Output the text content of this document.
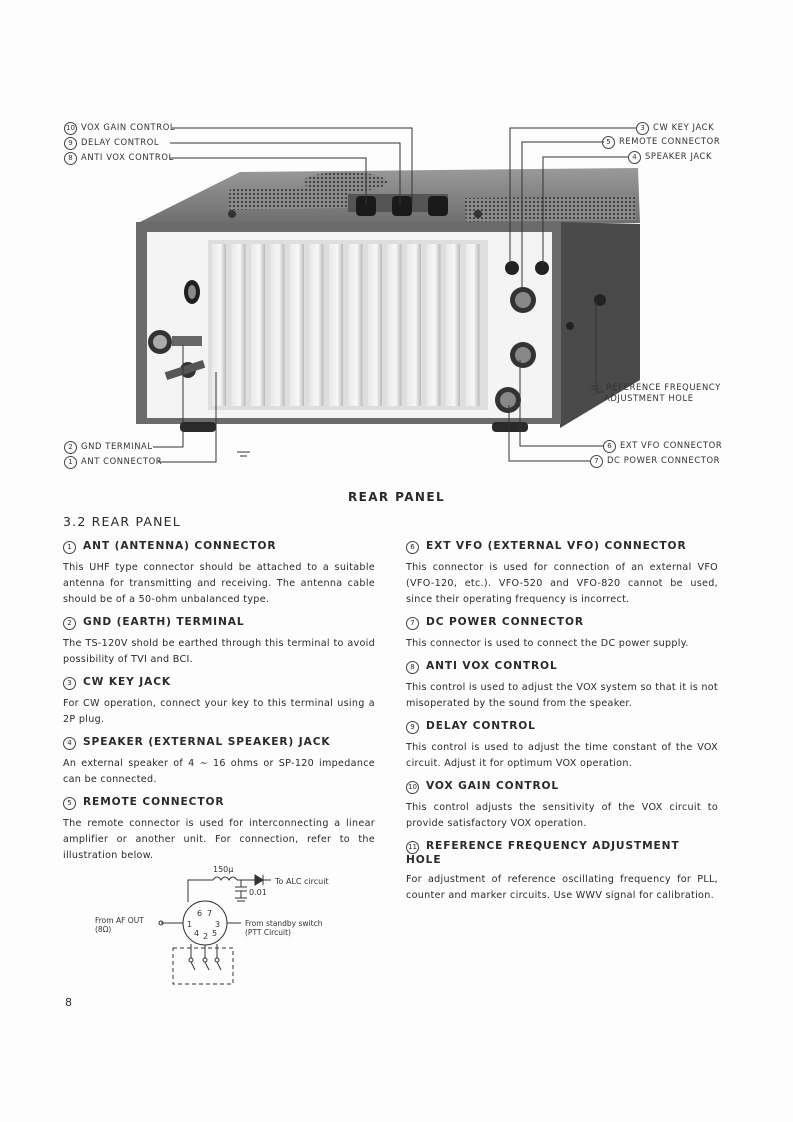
10 VOX GAIN CONTROL
9 DELAY CONTROL
8 ANTI VOX CONTROL
3 CW KEY JACK
5 REMOTE CONNECTOR
4 SPEAKER JACK
11 REFERENCE FREQUENCY
ADJUSTMENT HOLE
2 GND TERMINAL
1 ANT CONNECTOR
6 EXT VFO CONNECTOR
7 DC POWER CONNECTOR
REAR PANEL
3.2 REAR PANEL
1 ANT (ANTENNA) CONNECTOR

This UHF type connector should be attached to a suitable antenna for transmitting and receiving. The antenna cable should be of a 50-ohm unbalanced type.

2 GND (EARTH) TERMINAL

The TS-120V shold be earthed through this terminal to avoid possibility of TVI and BCI.

3 CW KEY JACK

For CW operation, connect your key to this terminal using a 2P plug.

4 SPEAKER (EXTERNAL SPEAKER) JACK

An external speaker of 4 ∼ 16 ohms or SP-120 impedance can be connected.

5 REMOTE CONNECTOR

The remote connector is used for interconnecting a linear amplifier or another unit. For connection, refer to the illustration below.

6 EXT VFO (EXTERNAL VFO) CONNECTOR

This connector is used for connection of an external VFO (VFO-120, etc.). VFO-520 and VFO-820 cannot be used, since their operating frequency is incorrect.

7 DC POWER CONNECTOR

This connector is used to connect the DC power supply.

8 ANTI VOX CONTROL

This control is used to adjust the VOX system so that it is not misoperated by the sound from the speaker.

9 DELAY CONTROL

This control is used to adjust the time constant of the VOX circuit. Adjust it for optimum VOX operation.

10 VOX GAIN CONTROL

This control adjusts the sensitivity of the VOX circuit to provide satisfactory VOX operation.

11 REFERENCE FREQUENCY ADJUSTMENT HOLE

For adjustment of reference oscillating frequency for PLL, counter and marker circuits. Use WWV signal for calibration.

150μ
0.01
To ALC circuit
From AF OUT
(8Ω)
From standby switch
(PTT Circuit)
6 7
1	3
4 2 5
8
